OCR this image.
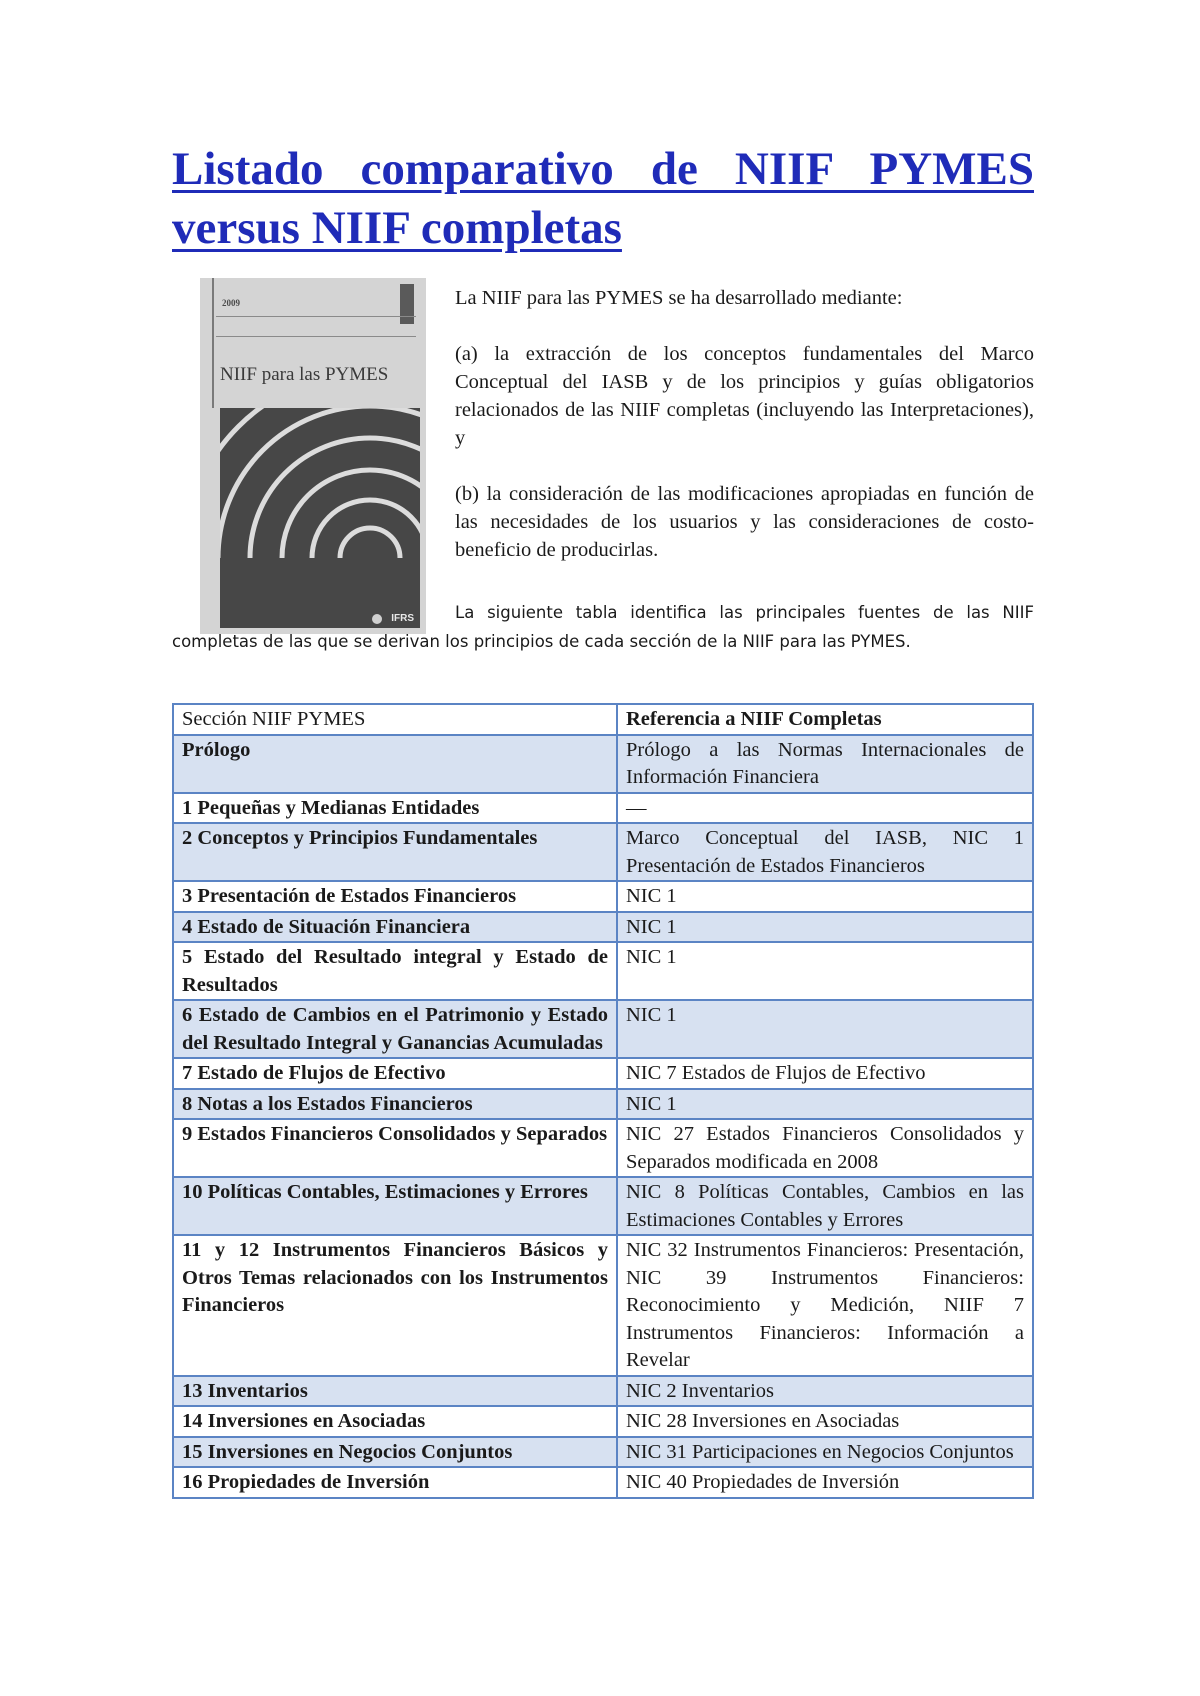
Listado comparativo de NIIF PYMES versus NIIF completas
2009
NIIF para las PYMES
IFRS

La NIIF para las PYMES se ha desarrollado mediante:

(a) la extracción de los conceptos fundamentales del Marco Conceptual del IASB y de los principios y guías obligatorios relacionados de las NIIF completas (incluyendo las Interpretaciones), y

(b) la consideración de las modificaciones apropiadas en función de las necesidades de los usuarios y las consideraciones de costo-beneficio de producirlas.

La siguiente tabla identifica las principales fuentes de las NIIF completas de las que se derivan los principios de cada sección de la NIIF para las PYMES.
Sección NIIF PYMES	Referencia a NIIF Completas
Prólogo	Prólogo a las Normas Internacionales de Información Financiera
1 Pequeñas y Medianas Entidades	—
2 Conceptos y Principios Fundamentales	Marco Conceptual del IASB, NIC 1 Presentación de Estados Financieros
3 Presentación de Estados Financieros	NIC 1
4 Estado de Situación Financiera	NIC 1
5 Estado del Resultado integral y Estado de Resultados	NIC 1
6 Estado de Cambios en el Patrimonio y Estado del Resultado Integral y Ganancias Acumuladas	NIC 1
7 Estado de Flujos de Efectivo	NIC 7 Estados de Flujos de Efectivo
8 Notas a los Estados Financieros	NIC 1
9 Estados Financieros Consolidados y Separados	NIC 27 Estados Financieros Consolidados y Separados modificada en 2008
10 Políticas Contables, Estimaciones y Errores	NIC 8 Políticas Contables, Cambios en las Estimaciones Contables y Errores
11 y 12 Instrumentos Financieros Básicos y Otros Temas relacionados con los Instrumentos Financieros	NIC 32 Instrumentos Financieros: Presentación, NIC 39 Instrumentos Financieros: Reconocimiento y Medición, NIIF 7 Instrumentos Financieros: Información a Revelar
13 Inventarios	NIC 2 Inventarios
14 Inversiones en Asociadas	NIC 28 Inversiones en Asociadas
15 Inversiones en Negocios Conjuntos	NIC 31 Participaciones en Negocios Conjuntos
16 Propiedades de Inversión	NIC 40 Propiedades de Inversión
